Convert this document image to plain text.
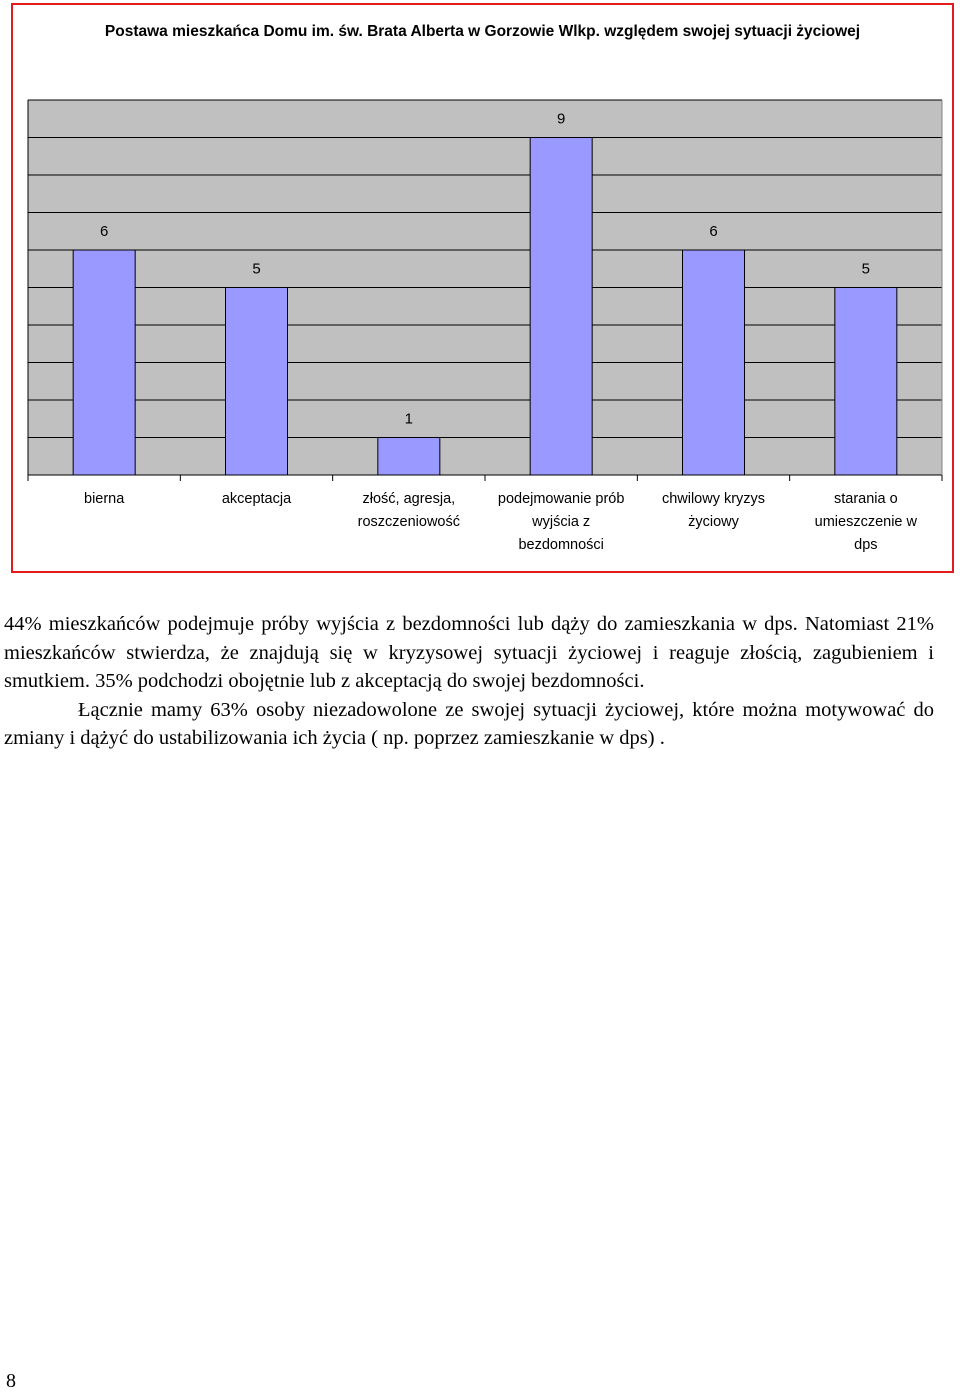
Postawa mieszkańca Domu im. św. Brata Alberta w Gorzowie Wlkp. względem swojej sytuacji życiowej
6
bierna
5
akceptacja
1
złość, agresja,
roszczeniowość
9
podejmowanie prób
wyjścia z
bezdomności
6
chwilowy kryzys
życiowy
5
starania o
umieszczenie w
dps

44% mieszkańców podejmuje próby wyjścia z bezdomności lub dąży do zamieszkania w dps. Natomiast 21% mieszkańców stwierdza, że znajdują się w kryzysowej sytuacji życiowej i reaguje złością, zagubieniem i smutkiem. 35% podchodzi obojętnie lub z akceptacją do swojej bezdomności.

Łącznie mamy 63% osoby niezadowolone ze swojej sytuacji życiowej, które można motywować do zmiany i dążyć do ustabilizowania ich życia ( np. poprzez zamieszkanie w dps) .

8
